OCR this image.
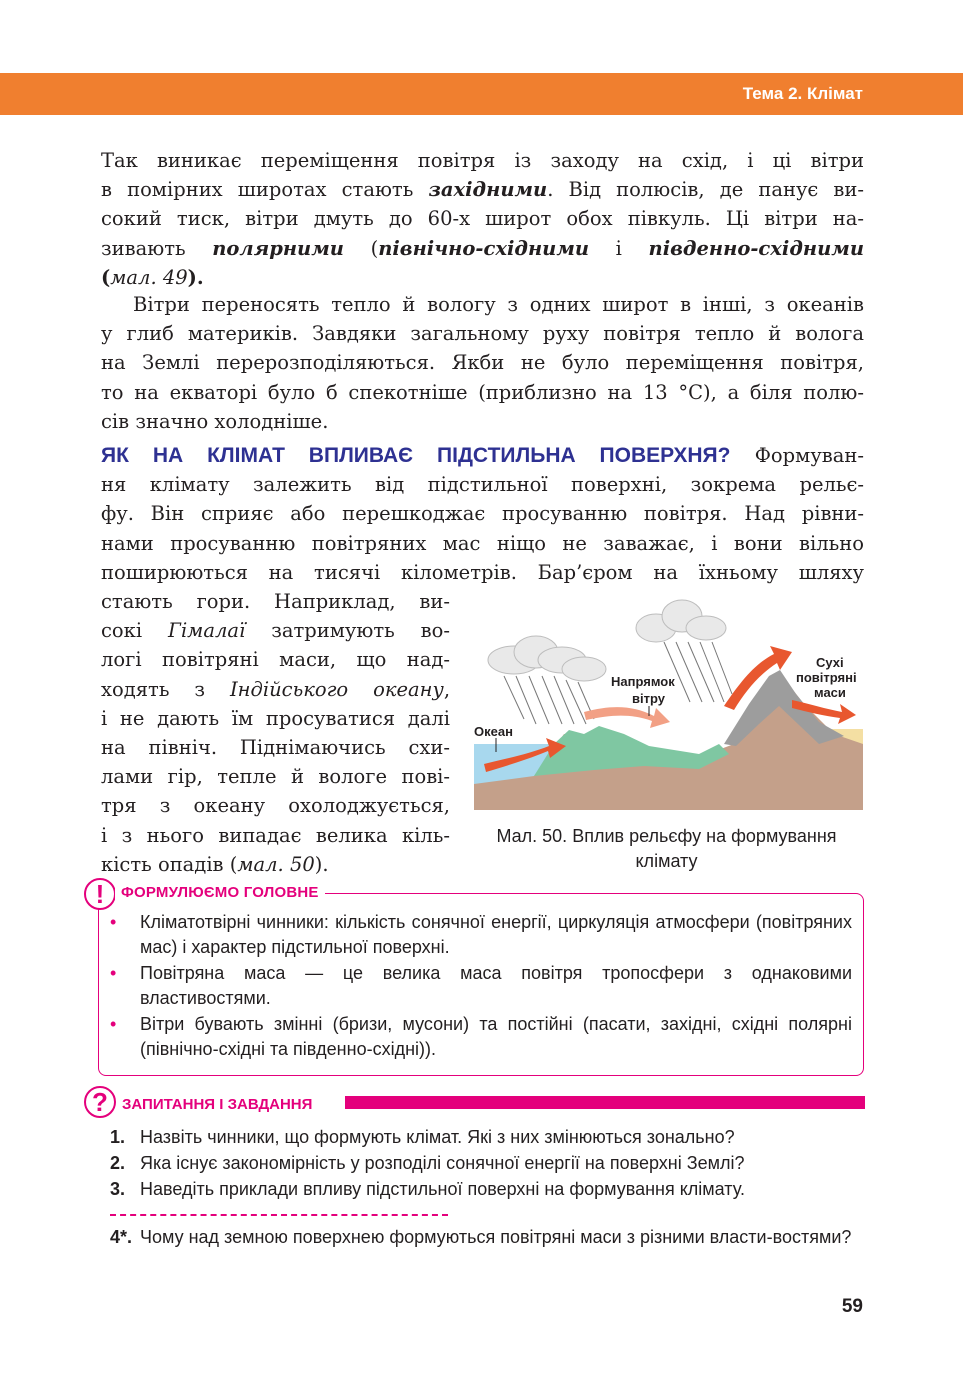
Тема 2. Клімат
Так виникає переміщення повітря із заходу на схід, і ці вітри
в помірних широтах стають західними. Від полюсів, де панує ви-
сокий тиск, вітри дмуть до 60-х широт обох півкуль. Ці вітри на-
зивають полярними (північно-східними і південно-східними
(мал. 49).
Вітри переносять тепло й вологу з одних широт в інші, з океанів
у глиб материків. Завдяки загальному руху повітря тепло й волога
на Землі перерозподіляються. Якби не було переміщення повітря,
то на екваторі було б спекотніше (приблизно на 13 °С), а біля полю-
сів значно холодніше.
ЯК НА КЛІМАТ ВПЛИВАЄ ПІДСТИЛЬНА ПОВЕРХНЯ? Формуван-
ня клімату залежить від підстильної поверхні, зокрема рельє-
фу. Він сприяє або перешкоджає просуванню повітря. Над рівни-
нами просуванню повітряних мас ніщо не заважає, і вони вільно
поширюються на тисячі кілометрів. Бар’єром на їхньому шляху
стають гори. Наприклад, ви-
сокі Гімалаї затримують во-
логі повітряні маси, що над-
ходять з Індійського океану,
і не дають їм просуватися далі
на північ. Піднімаючись схи-
лами гір, тепле й вологе пові-
тря з океану охолоджується,
і з нього випадає велика кіль-
кість опадів (мал. 50).
Океан
Напрямок
вітру
Сухі
повітряні
маси
Мал. 50. Вплив рельєфу на формування клімату
!	ФОРМУЛЮЄМО ГОЛОВНЕ
• Кліматотвірні чинники: кількість сонячної енергії, циркуляція атмосфери (повітряних мас) і характер підстильної поверхні.
• Повітряна маса — це велика маса повітря тропосфери з однаковими властивостями.
• Вітри бувають змінні (бризи, мусони) та постійні (пасати, західні, східні полярні (північно-східні та південно-східні)).
? ЗАПИТАННЯ І ЗАВДАННЯ
1. Назвіть чинники, що формують клімат. Які з них змінюються зонально?
2. Яка існує закономірність у розподілі сонячної енергії на поверхні Землі?
3. Наведіть приклади впливу підстильної поверхні на формування клімату.
4*. Чому над земною поверхнею формуються повітряні маси з різними власти-востями?
59
